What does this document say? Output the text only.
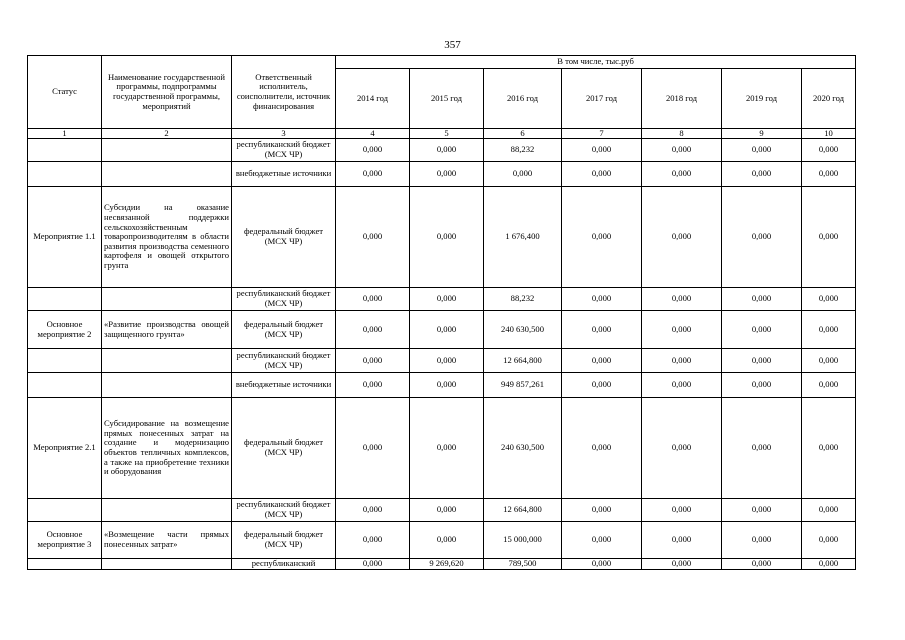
357
Статус	Наименование государственной программы, подпрограммы государственной программы, мероприятий	Ответственный исполнитель, соисполнители, источник финансирования	В том числе, тыс.руб						
			2014 год	2015 год	2016 год	2017 год	2018 год	2019 год	2020 год
1	2	3	4	5	6	7	8	9	10
		республиканский бюджет (МСХ ЧР)	0,000	0,000	88,232	0,000	0,000	0,000	0,000
		внебюджетные источники	0,000	0,000	0,000	0,000	0,000	0,000	0,000
Мероприятие 1.1	Субсидии на оказание несвязанной поддержки сельскохозяйственным товаропроизводителям в области развития производства семенного картофеля и овощей открытого грунта	федеральный бюджет (МСХ ЧР)	0,000	0,000	1 676,400	0,000	0,000	0,000	0,000
		республиканский бюджет (МСХ ЧР)	0,000	0,000	88,232	0,000	0,000	0,000	0,000
Основное мероприятие 2	«Развитие производства овощей защищенного грунта»	федеральный бюджет (МСХ ЧР)	0,000	0,000	240 630,500	0,000	0,000	0,000	0,000
		республиканский бюджет (МСХ ЧР)	0,000	0,000	12 664,800	0,000	0,000	0,000	0,000
		внебюджетные источники	0,000	0,000	949 857,261	0,000	0,000	0,000	0,000
Мероприятие 2.1	Субсидирование на возмещение прямых понесенных затрат на создание и модернизацию объектов тепличных комплексов, а также на приобретение техники и оборудования	федеральный бюджет (МСХ ЧР)	0,000	0,000	240 630,500	0,000	0,000	0,000	0,000
		республиканский бюджет (МСХ ЧР)	0,000	0,000	12 664,800	0,000	0,000	0,000	0,000
Основное мероприятие 3	«Возмещение части прямых понесенных затрат»	федеральный бюджет (МСХ ЧР)	0,000	0,000	15 000,000	0,000	0,000	0,000	0,000
		республиканский	0,000	9 269,620	789,500	0,000	0,000	0,000	0,000
